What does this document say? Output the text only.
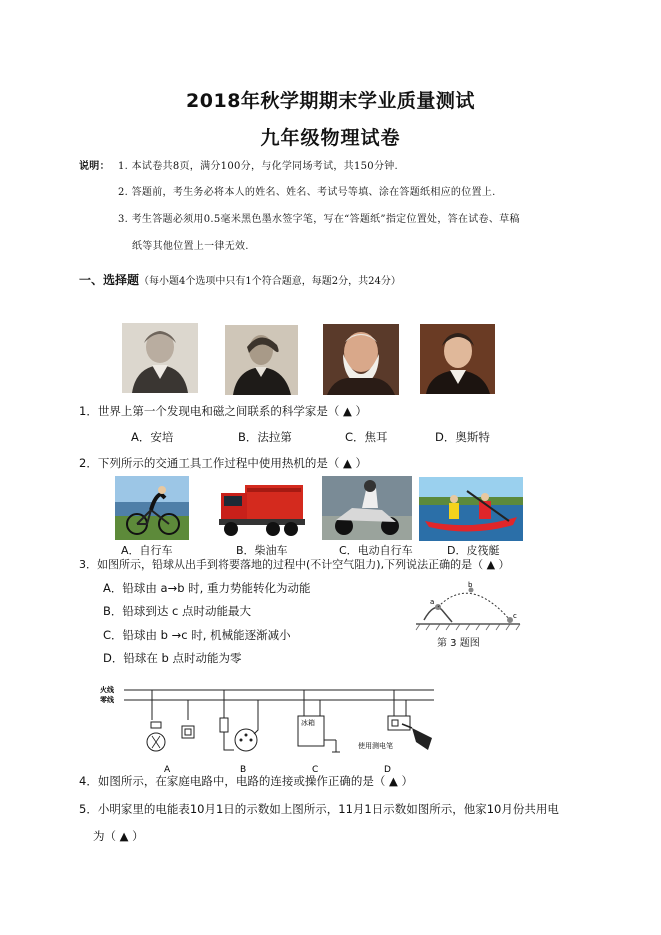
2018年秋学期期末学业质量测试
九年级物理试卷
说明： 1. 本试卷共8页，满分100分，与化学同场考试，共150分钟.
2. 答题前，考生务必将本人的姓名、姓名、考试号等填、涂在答题纸相应的位置上.
3. 考生答题必须用0.5毫米黑色墨水签字笔，写在“答题纸”指定位置处，答在试卷、草稿
纸等其他位置上一律无效.
一、选择题（每小题4个选项中只有1个符合题意，每题2分，共24分）
1．世界上第一个发现电和磁之间联系的科学家是（ ▲ ）
A．安培	B．法拉第	C．焦耳	D．奥斯特
2．下列所示的交通工具工作过程中使用热机的是（ ▲ ）
A．自行车	B．柴油车	C．电动自行车	D．皮筏艇
3．如图所示，铅球从出手到将要落地的过程中(不计空气阻力),下列说法正确的是（ ▲ ）
A．铅球由 a→b 时, 重力势能转化为动能
B．铅球到达 c 点时动能最大
C．铅球由 b →c 时, 机械能逐渐减小
D．铅球在 b 点时动能为零
a
b
c
第 3 题图
火线
零线
冰箱
使用测电笔
A	B	C	D
4．如图所示，在家庭电路中，电路的连接或操作正确的是（ ▲ ）
5．小明家里的电能表10月1日的示数如上图所示，11月1日示数如图所示，他家10月份共用电
为（ ▲ ）
